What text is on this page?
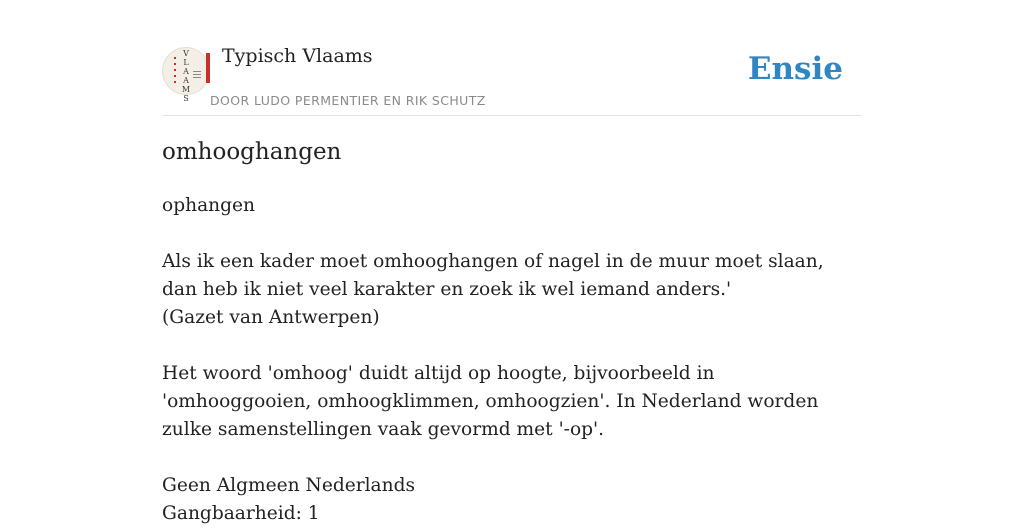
V
L
A
A
M
S
Typisch Vlaams
DOOR LUDO PERMENTIER EN RIK SCHUTZ
Ensie
omhooghangen

ophangen

Als ik een kader moet omhooghangen of nagel in de muur moet slaan, dan heb ik niet veel karakter en zoek ik wel iemand anders.'

(Gazet van Antwerpen)

Het woord 'omhoog' duidt altijd op hoogte, bijvoorbeeld in 'omhooggooien, omhoogklimmen, omhoogzien'. In Nederland worden zulke samenstellingen vaak gevormd met '-op'.

Geen Algmeen Nederlands

Gangbaarheid: 1
